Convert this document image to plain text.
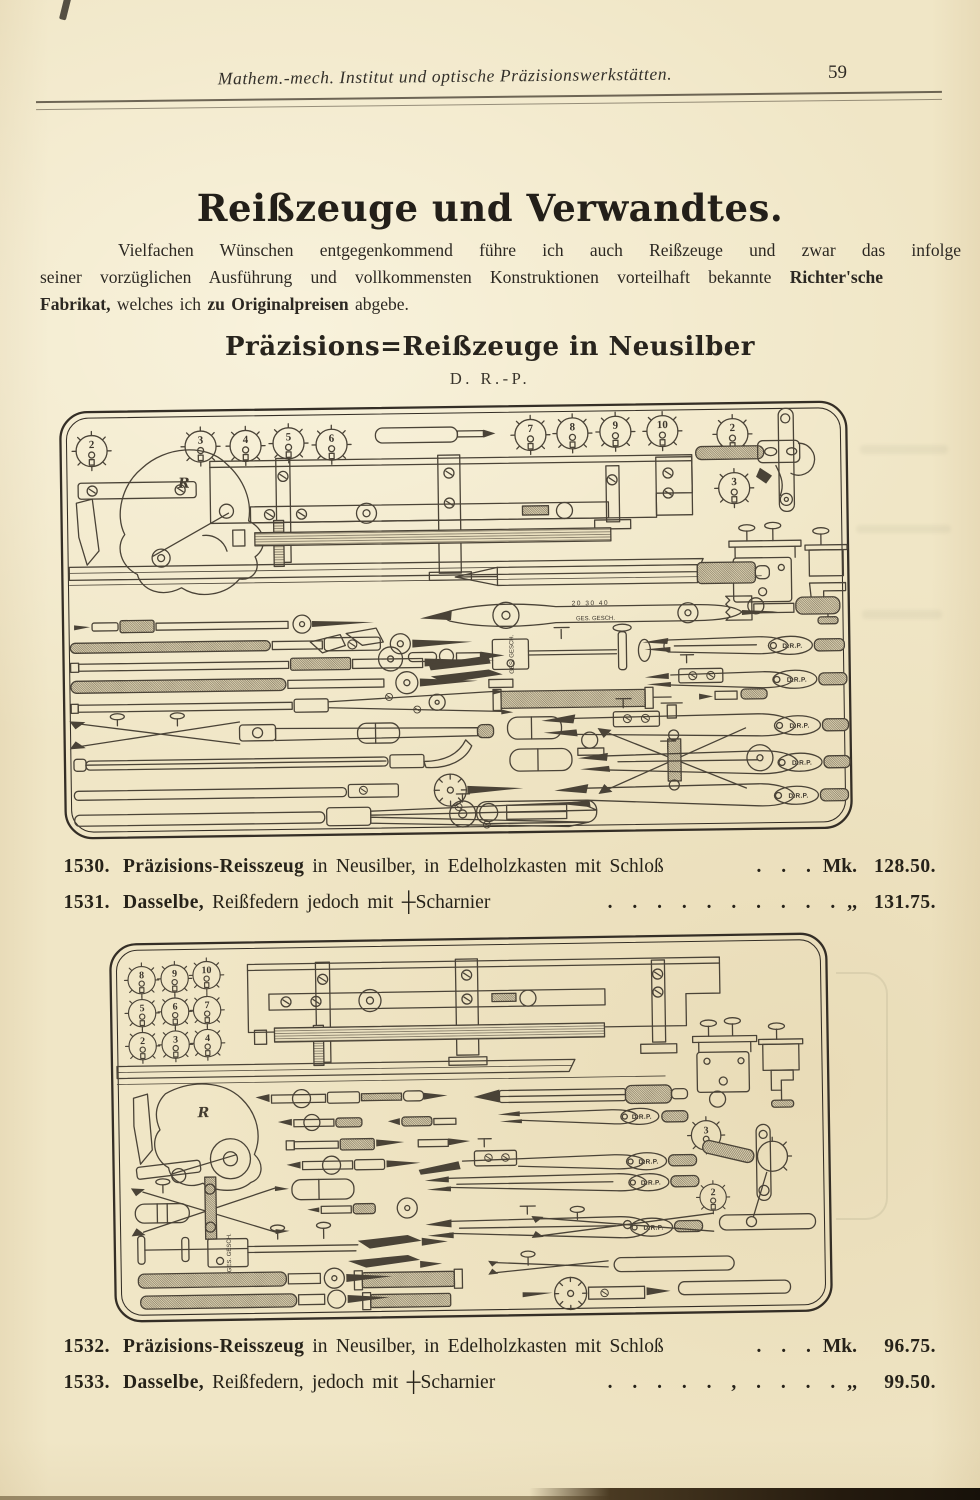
Mathem.-mech. Institut und optische Präzisionswerkstätten.	59
Reißzeuge und Verwandtes.
Vielfachen Wünschen entgegenkommend führe ich auch Reißzeuge und zwar das infolge
seiner vorzüglichen Ausführung und vollkommensten Konstruktionen vorteilhaft bekannte Richter'sche
Fabrikat, welches ich zu Originalpreisen abgebe.
Präzisions=Reißzeuge in Neusilber
D. R.-P.
2	3	4	5	6
7	8	9	10	2
3
R
20 30 40
GES. GESCH.
GES. GESCH.	D.R.P.
D.R.P.
D.R.P.
D.R.P.
D.R.P.
1530. Präzisions-Reisszeug in Neusilber, in Edelholzkasten mit Schloß	. . . Mk. 128.50.
1531. Dasselbe, Reißfedern jedoch mit ┼Scharnier	. . . . . . . . . . ,, 131.75.
8	9 10
5	6	7
2	3	4
3
2
R	D.R.P.
D.R.P.
D.R.P.
D.R.P.
GES. GESCH.
1532. Präzisions-Reisszeug in Neusilber, in Edelholzkasten mit Schloß	. . . Mk.	96.75.
1533. Dasselbe, Reißfedern, jedoch mit ┼Scharnier	. . . . . , . . . . ,,	99.50.
